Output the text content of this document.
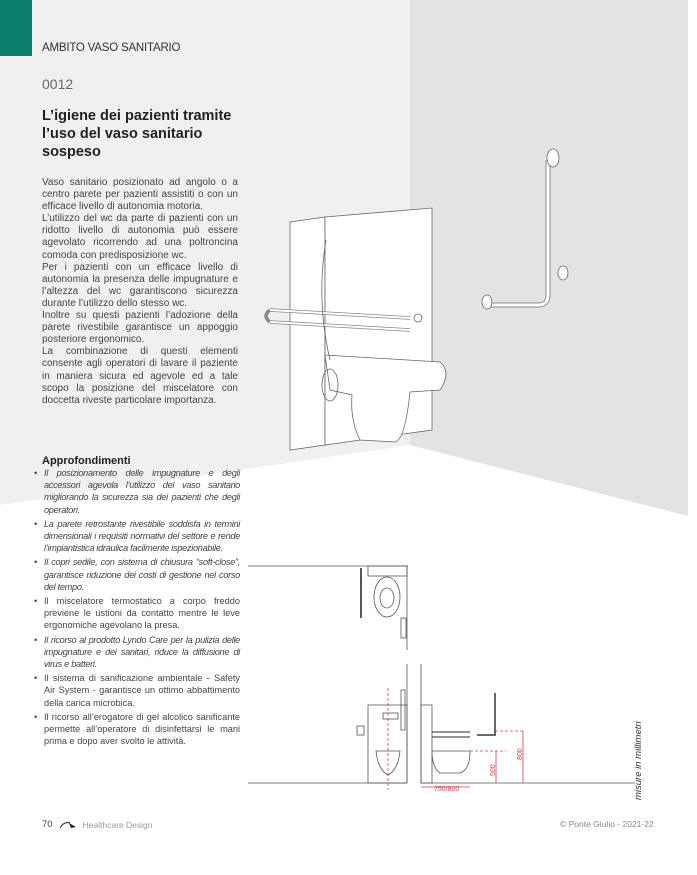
750/800
500
800
AMBITO VASO SANITARIO
0012
L’igiene dei pazienti tramite
l’uso del vaso sanitario
sospeso

Vaso sanitario posizionato ad angolo o a centro parete per pazienti assistiti o con un efficace livello di autonomia motoria.

L’utilizzo del wc da parte di pazienti con un ridotto livello di autonomia può essere agevolato ricorrendo ad una poltroncina comoda con predisposizione wc.

Per i pazienti con un efficace livello di autonomia la presenza delle impugnature e l’altezza del wc garantiscono sicurezza durante l’utilizzo dello stesso wc.

Inoltre su questi pazienti l’adozione della parete rivestibile garantisce un appoggio posteriore ergonomico.

La combinazione di questi elementi consente agli operatori di lavare il paziente in maniera sicura ed agevole ed a tale scopo la posizione del miscelatore con doccetta riveste particolare importanza.

Approfondimenti
• Il posizionamento delle impugnature e degli accessori agevola l’utilizzo del vaso sanitario migliorando la sicurezza sia dei pazienti che degli operatori.
• La parete retrostante rivestibile soddisfa in termini dimensionali i requisiti normativi del settore e rende l’impiantistica idraulica facilmente ispezionabile.
• Il copri sedile, con sistema di chiusura “soft-close”, garantisce riduzione dei costi di gestione nel corso del tempo.
• Il miscelatore termostatico a corpo freddo previene le ustioni da contatto mentre le leve ergonomiche agevolano la presa.
• Il ricorso al prodotto Lyndo Care per la pulizia delle impugnature e dei sanitari, riduce la diffusione di virus e batteri.
• Il sistema di sanificazione ambientale - Safety Air System - garantisce un ottimo abbattimento della carica microbica.
• Il ricorso all’erogatore di gel alcolico sanificante permette all’operatore di disinfettarsi le mani prima e dopo aver svolto le attività.	misure in millimetri
70	Healthcare Design	© Ponte Giulio - 2021-22
